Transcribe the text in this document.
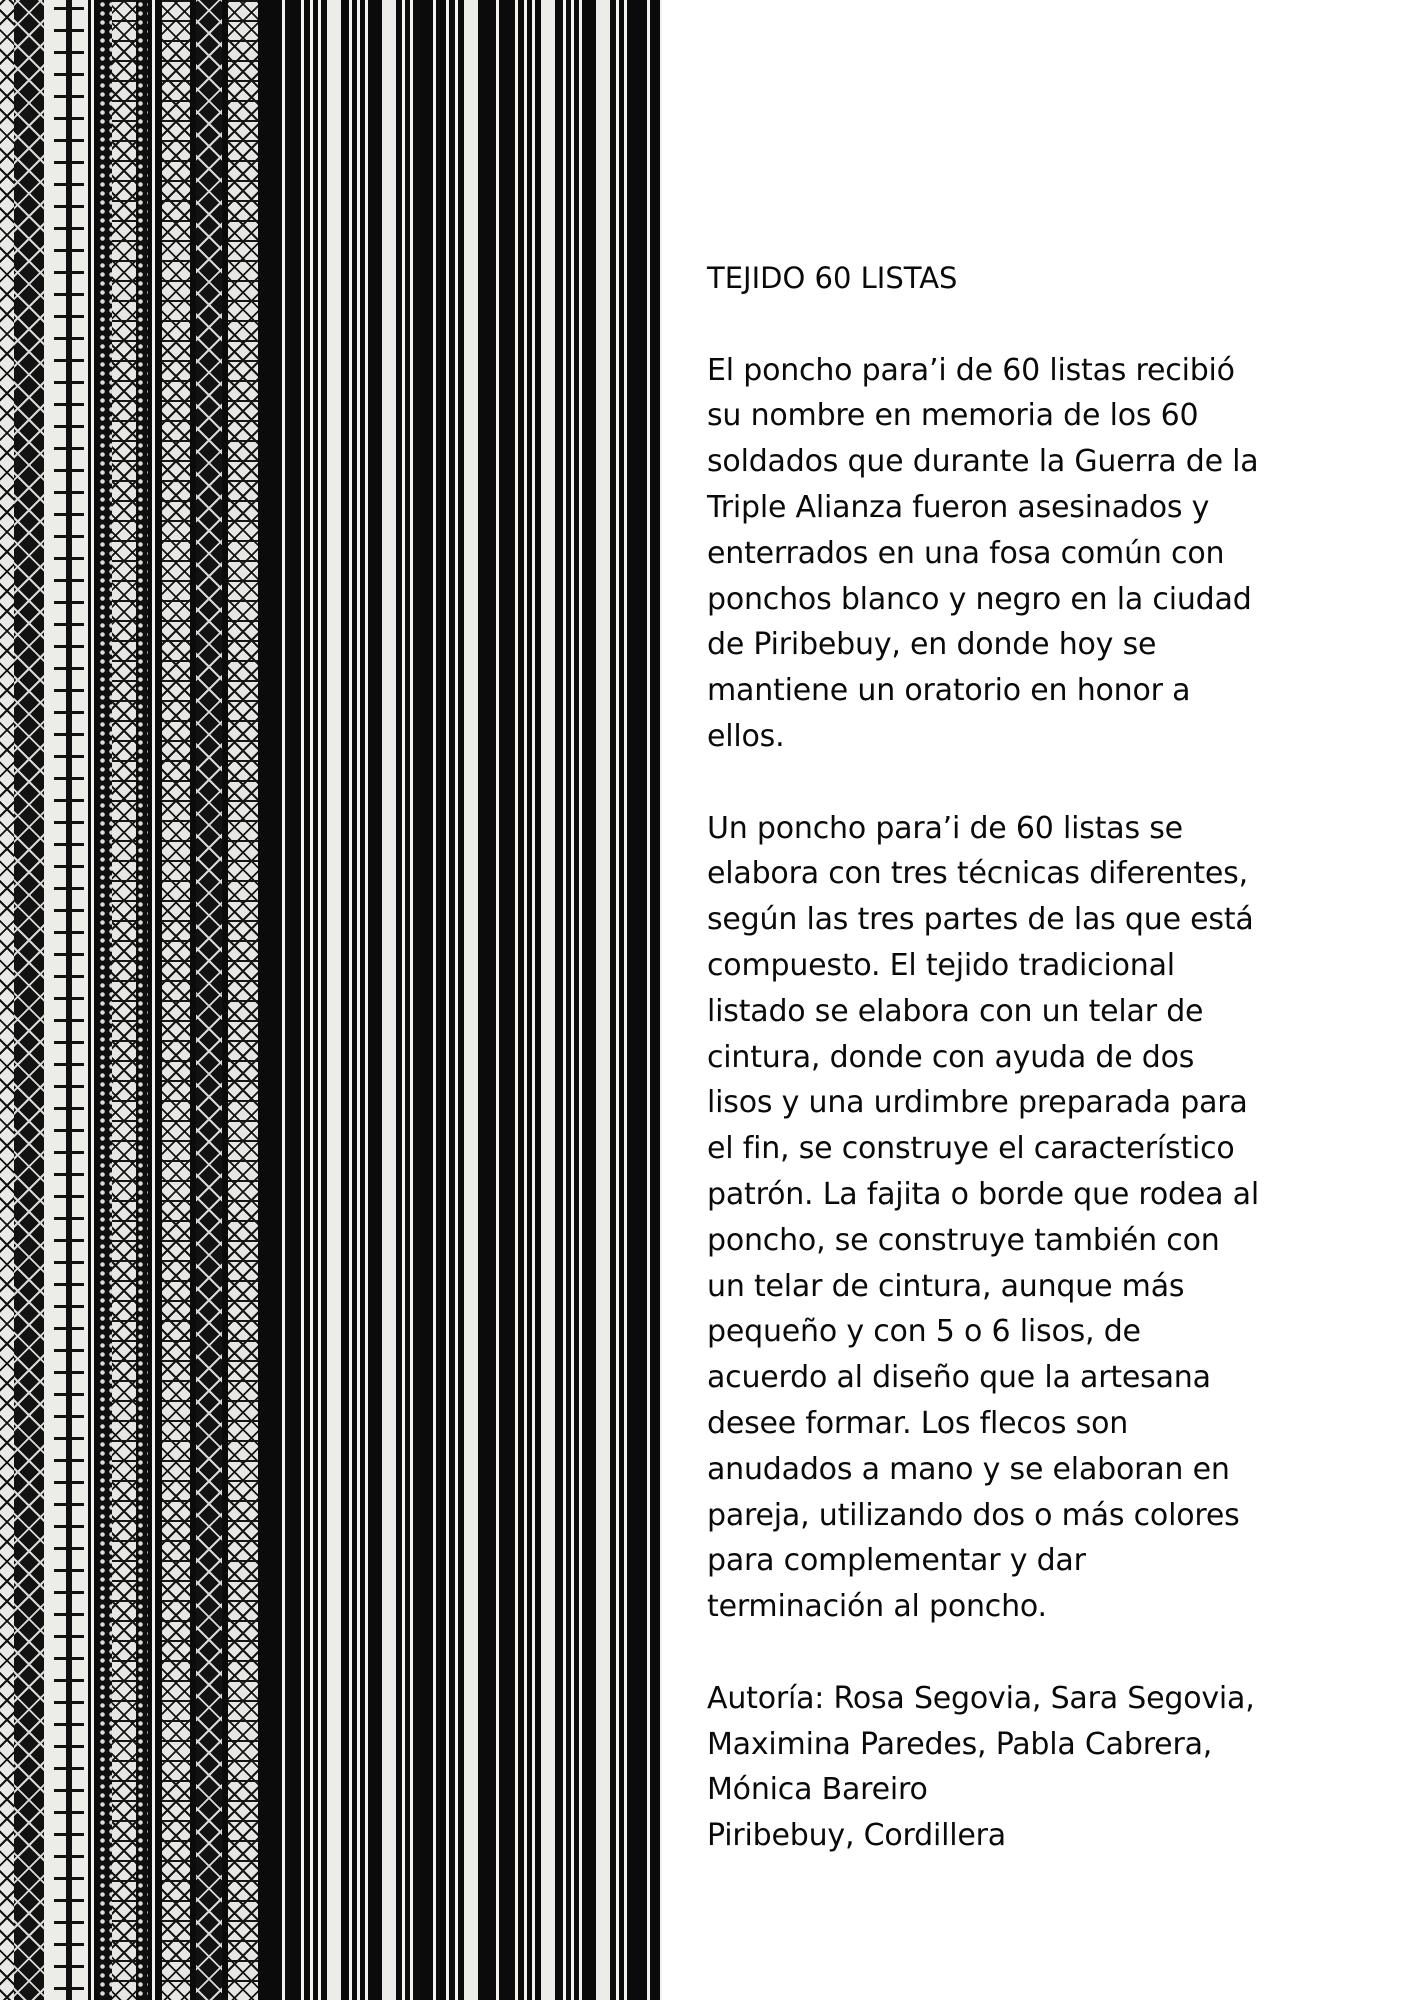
TEJIDO 60 LISTAS

El poncho para’i de 60 listas recibió
su nombre en memoria de los 60
soldados que durante la Guerra de la
Triple Alianza fueron asesinados y
enterrados en una fosa común con
ponchos blanco y negro en la ciudad
de Piribebuy, en donde hoy se
mantiene un oratorio en honor a
ellos.

Un poncho para’i de 60 listas se
elabora con tres técnicas diferentes,
según las tres partes de las que está
compuesto. El tejido tradicional
listado se elabora con un telar de
cintura, donde con ayuda de dos
lisos y una urdimbre preparada para
el fin, se construye el característico
patrón. La fajita o borde que rodea al
poncho, se construye también con
un telar de cintura, aunque más
pequeño y con 5 o 6 lisos, de
acuerdo al diseño que la artesana
desee formar. Los flecos son
anudados a mano y se elaboran en
pareja, utilizando dos o más colores
para complementar y dar
terminación al poncho.

Autoría: Rosa Segovia, Sara Segovia,
Maximina Paredes, Pabla Cabrera,
Mónica Bareiro

Piribebuy, Cordillera
